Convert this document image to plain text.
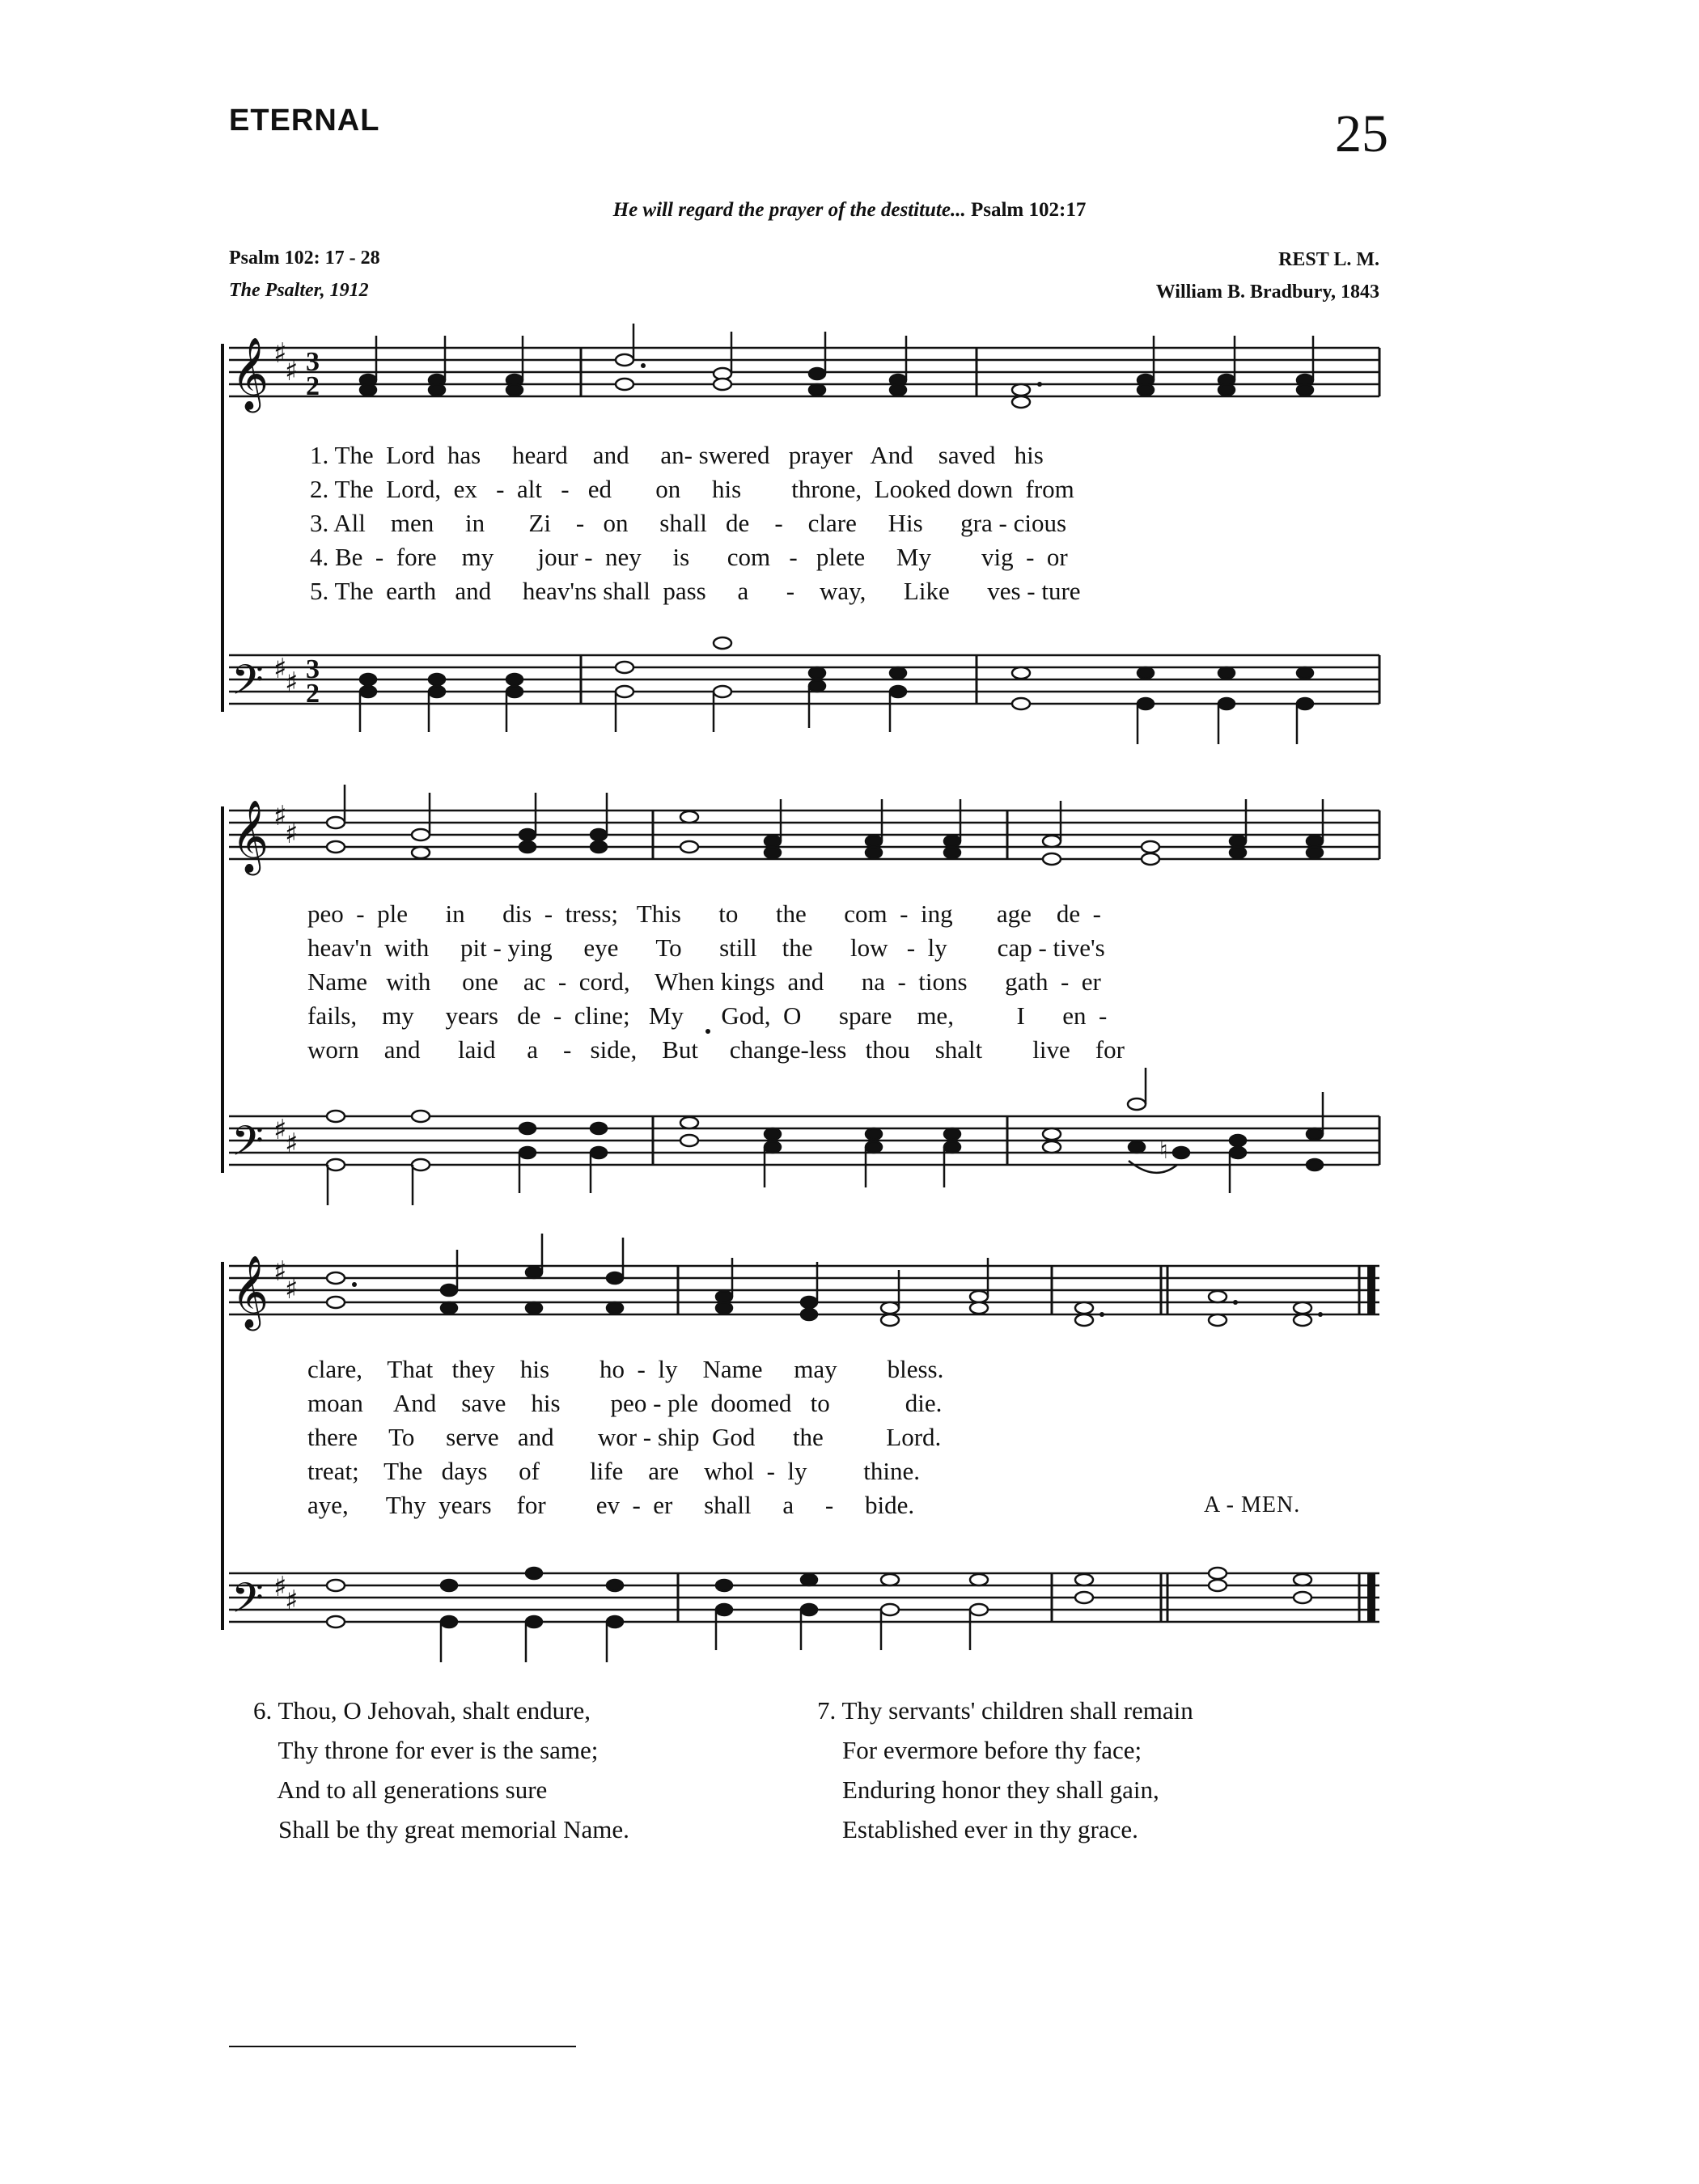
ETERNAL	25
He will regard the prayer of the destitute... Psalm 102:17
Psalm 102: 17 - 28
The Psalter, 1912
REST L. M.
William B. Bradbury, 1843
𝄞
𝄢
𝄞
𝄢
𝄞
𝄢
♯
♯
♯
♯
♯
♯
♯
♯
♯
♯
♯
♯
3
2
3
2
♮
1. The  Lord  has     heard    and     an- swered   prayer   And    saved   his
2. The  Lord,  ex   -  alt   -   ed       on     his        throne,  Looked down  from
3. All    men     in       Zi    -   on     shall   de    -    clare     His      gra - cious
4. Be  -  fore    my       jour -  ney     is      com   -   plete     My        vig  -  or
5. The  earth   and     heav'ns shall  pass     a      -    way,      Like      ves - ture
peo  -  ple      in      dis  -  tress;   This      to      the      com  -  ing       age    de  -
heav'n  with     pit - ying     eye      To      still    the      low   -  ly        cap - tive's
Name   with     one    ac  -  cord,    When kings  and      na  -  tions      gath  -  er
fails,    my     years   de  -  cline;   My      God,  O      spare    me,          I      en  -
worn    and      laid     a    -   side,    But     change-less   thou    shalt        live    for
clare,    That   they    his        ho  -  ly    Name     may        bless.
moan     And    save    his        peo - ple  doomed   to            die.
there     To     serve   and       wor - ship  God      the          Lord.
treat;    The   days     of        life    are    whol  -  ly         thine.
aye,      Thy  years    for        ev  -  er     shall     a     -     bide.	A - MEN.
6. Thou, O Jehovah, shalt endure,
Thy throne for ever is the same;
And to all generations sure
Shall be thy great memorial Name.
7. Thy servants' children shall remain
For evermore before thy face;
Enduring honor they shall gain,
Established ever in thy grace.
